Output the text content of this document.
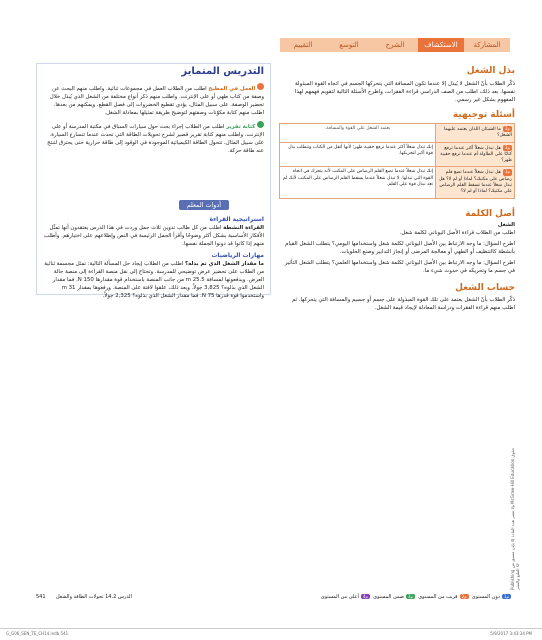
المشاركة
الاستكشاف
الشرح
التوسع
التقييم
بذل الشغل

ذكّر الطلاب بأنّ الشغل لا يُبذل إلا عندما تكون المسافة التي يتحركها الجسم في اتجاه القوة المبذولة نفسها. بعد ذلك، اطلب من الصف الدراسي قراءة الفقرات، واطرح الأسئلة التالية لتقويم فهمهم لهذا المفهوم بشكل غير رسمي.

أسئلة توجيهية
م3ما الشيئان اللذان يعتمد عليهما الشغل؟	يعتمد الشغل على القوة والمسافة.
م3هل تبذل شغلاً أكثر عندما ترفع كتابًا على الطاولة أم عندما ترفع حقيبة ظهر؟	إنك تبذل شغلاً أكثر عندما ترفع حقيبة ظهر؛ لأنها أثقل من الكتاب وتتطلب بذل قوة أكبر لتحريكها.
م3هل تبذل شغلاً عندما تضع قلم رصاص على مكتبك؟ لماذا أو لم لا؟ هل تبذل شغلاً عندما تسقط القلم الرصاص على مكتبك؟ لماذا أو لم لا؟	إنك تبذل شغلاً عندما تضع القلم الرصاص على المكتب لأنه يتحرك في اتجاه القوة التي تبذلها. لا تبذل شغلاً عندما يسقط القلم الرصاص على المكتب لأنك لم تعد تبذل قوة على القلم.
أصل الكلمة

الشغل

اطلب من الطلاب قراءة الأصل اليوناني لكلمة شغل.

اطرح السؤال: ما وجه الارتباط بين الأصل اليوناني لكلمة شغل واستخدامها اليومي؟ يتطلب الشغل القيام بأنشطة كالتنظيف أو الطهي أو معالجة المرضى أو إنجاز التدابير وصنع الحلويات.

اطرح السؤال: ما وجه الارتباط بين الأصل اليوناني لكلمة شغل واستخدامها العلمي؟ يتطلب الشغل التأثير في جسم ما وتحريكه في حدوث شيء ما.

حساب الشغل

ذكّر الطلاب بأنّ الشغل يعتمد على تلك القوة المبذولة على جسم أو جسيم والمسافة التي يتحركها. ثم اطلب منهم قراءة الفقرات ودراسة المعادلة لإيجاد قيمة الشغل.

التدريس المتمايز

العمل في المطبخ اطلب من الطلاب العمل في مجموعات ثنائية. واطلب منهم البحث عن وصفة من كتاب طهي أو على الإنترنت. واطلب منهم ذكر أنواع مختلفة من الشغل الذي يُبذل خلال تحضير الوصفة. على سبيل المثال، يؤدي تقطيع الخضروات إلى فصل القطع، ويمكنهم من بعدها. اطلب منهم كتابة مكوّنات وصفتهم لتوضيح طريقة تمثيلها بمعادلة الشغل.

كتابة تقرير اطلب من الطلاب إجراء بحث حول سيارات السباق في مكتبة المدرسة أو على الإنترنت. واطلب منهم كتابة تقرير قصير لشرح تحويلات الطاقة التي تحدث عندما تتسارع السيارة. على سبيل المثال، تتحول الطاقة الكيميائية الموجودة في الوقود إلى طاقة حرارية حتى يحترق لتنتج عنه طاقة حركة.

أدوات المعلم

استراتيجية القراءة

القراءة النشطة اطلب من كل طالب تدوين ثلاث جمل وردت في هذا الدرس يعتقدون أنها تمثّل الأفكار الأساسية بشكل أكثر وضوحًا وأقرأ الجمل الرئيسة في النص وإطلاعهم على اختيارهم. وأطلب منهم إذا كانوا قد دونوا الجملة نفسها.

مهارات الرياضيات

ما مقدار الشغل الذي تم بذله؟ اطلب من الطلاب إيجاد حل المسألة التالية: تمثل مجسمة ثنائية من الطلاب على تحضير عرض توضيحي للمدرسة. وتحتاج إلى نقل منصة القراءة إلى منصة حالة العرض. ويدفعونها لمسافة 25.5 m من جانب المنصة باستخدام قوة مقدارها 150 N. فما مقدار الشغل الذي بذلوه؟ 3,825 جولاً. وبعد ذلك، علقوا لافتة على المنصة. ورفعوها بمقدار 31 m واستخدموا قوة قدرها 75 N. فما مقدار الشغل الذي بذلوه؟ 2,325 جولاً.

541 الدرس 14.2 تحولات الطاقة والشغل	م1دون المستوى  م2قريب من المستوى  م3ضمن المستوى  م4أعلى من المستوى
Publishing ولا تنشر هذه المادة إلا بإذن مسبق من McGraw-Hill Education حقوق الطبع والنشر ©
G_G06_SEN_TE_CH14.indb 541	5/9/2017 3:43:34 PM
